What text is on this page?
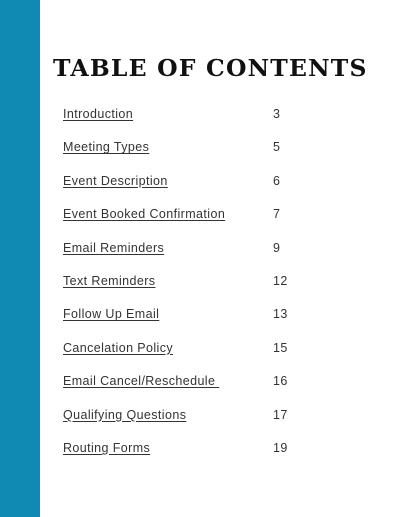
TABLE OF CONTENTS
Introduction	3
Meeting Types	5
Event Description	6
Event Booked Confirmation	7
Email Reminders	9
Text Reminders	12
Follow Up Email	13
Cancelation Policy	15
Email Cancel/Reschedule	16
Qualifying Questions	17
Routing Forms	19
